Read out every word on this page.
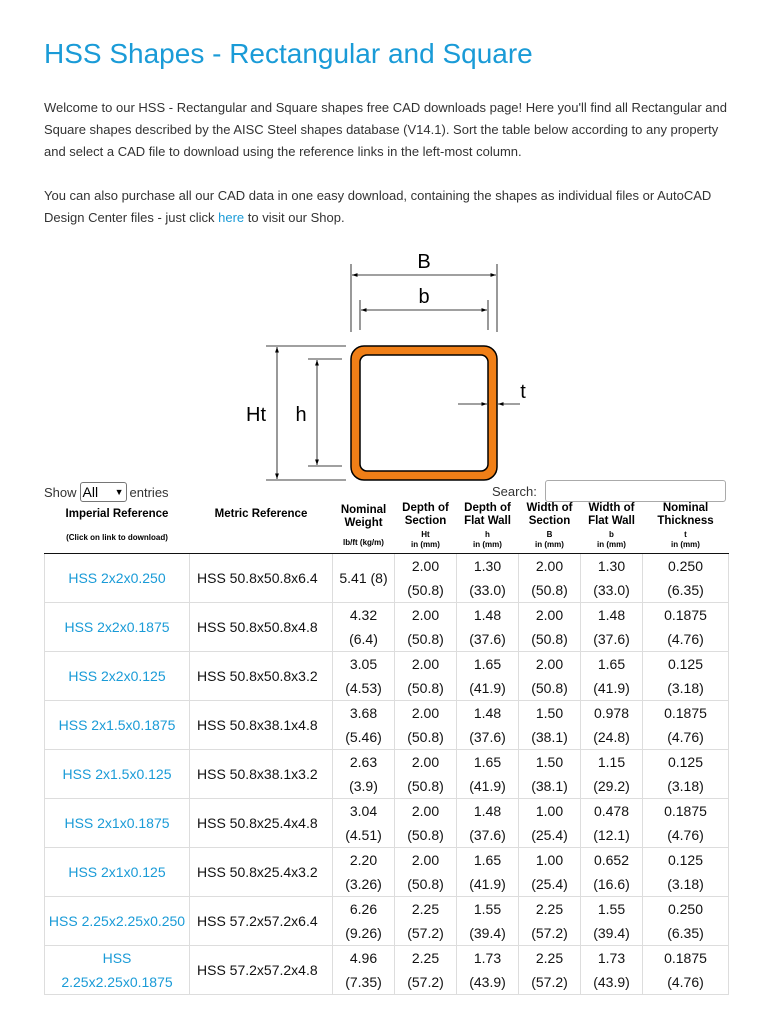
HSS Shapes - Rectangular and Square

Welcome to our HSS - Rectangular and Square shapes free CAD downloads page! Here you'll find all Rectangular and Square shapes described by the AISC Steel shapes database (V14.1). Sort the table below according to any property and select a CAD file to download using the reference links in the left-most column.

You can also purchase all our CAD data in one easy download, containing the shapes as individual files or AutoCAD Design Center files - just click here to visit our Shop.

B
b
Ht h
t
Show All ▼ entries	Search:
Imperial Reference
(Click on link to download)	Metric Reference	Nominal Weight
lb/ft (kg/m)	Depth of Section
Ht
in (mm)	Depth of Flat Wall
h
in (mm)	Width of Section
B
in (mm)	Width of Flat Wall
b
in (mm)	Nominal Thickness
t
in (mm)

HSS 2x2x0.250	HSS 50.8x50.8x6.4	5.41 (8)	2.00
(50.8)	1.30
(33.0)	2.00
(50.8)	1.30
(33.0)	0.250
(6.35)

HSS 2x2x0.1875	HSS 50.8x50.8x4.8	4.32
(6.4)	2.00
(50.8)	1.48
(37.6)	2.00
(50.8)	1.48
(37.6)	0.1875
(4.76)

HSS 2x2x0.125	HSS 50.8x50.8x3.2	3.05
(4.53)	2.00
(50.8)	1.65
(41.9)	2.00
(50.8)	1.65
(41.9)	0.125
(3.18)

HSS 2x1.5x0.1875	HSS 50.8x38.1x4.8	3.68
(5.46)	2.00
(50.8)	1.48
(37.6)	1.50
(38.1)	0.978
(24.8)	0.1875
(4.76)

HSS 2x1.5x0.125	HSS 50.8x38.1x3.2	2.63
(3.9)	2.00
(50.8)	1.65
(41.9)	1.50
(38.1)	1.15
(29.2)	0.125
(3.18)

HSS 2x1x0.1875	HSS 50.8x25.4x4.8	3.04
(4.51)	2.00
(50.8)	1.48
(37.6)	1.00
(25.4)	0.478
(12.1)	0.1875
(4.76)

HSS 2x1x0.125	HSS 50.8x25.4x3.2	2.20
(3.26)	2.00
(50.8)	1.65
(41.9)	1.00
(25.4)	0.652
(16.6)	0.125
(3.18)

HSS 2.25x2.25x0.250	HSS 57.2x57.2x6.4	6.26
(9.26)	2.25
(57.2)	1.55
(39.4)	2.25
(57.2)	1.55
(39.4)	0.250
(6.35)

HSS 2.25x2.25x0.1875	HSS 57.2x57.2x4.8	4.96
(7.35)	2.25
(57.2)	1.73
(43.9)	2.25
(57.2)	1.73
(43.9)	0.1875
(4.76)
